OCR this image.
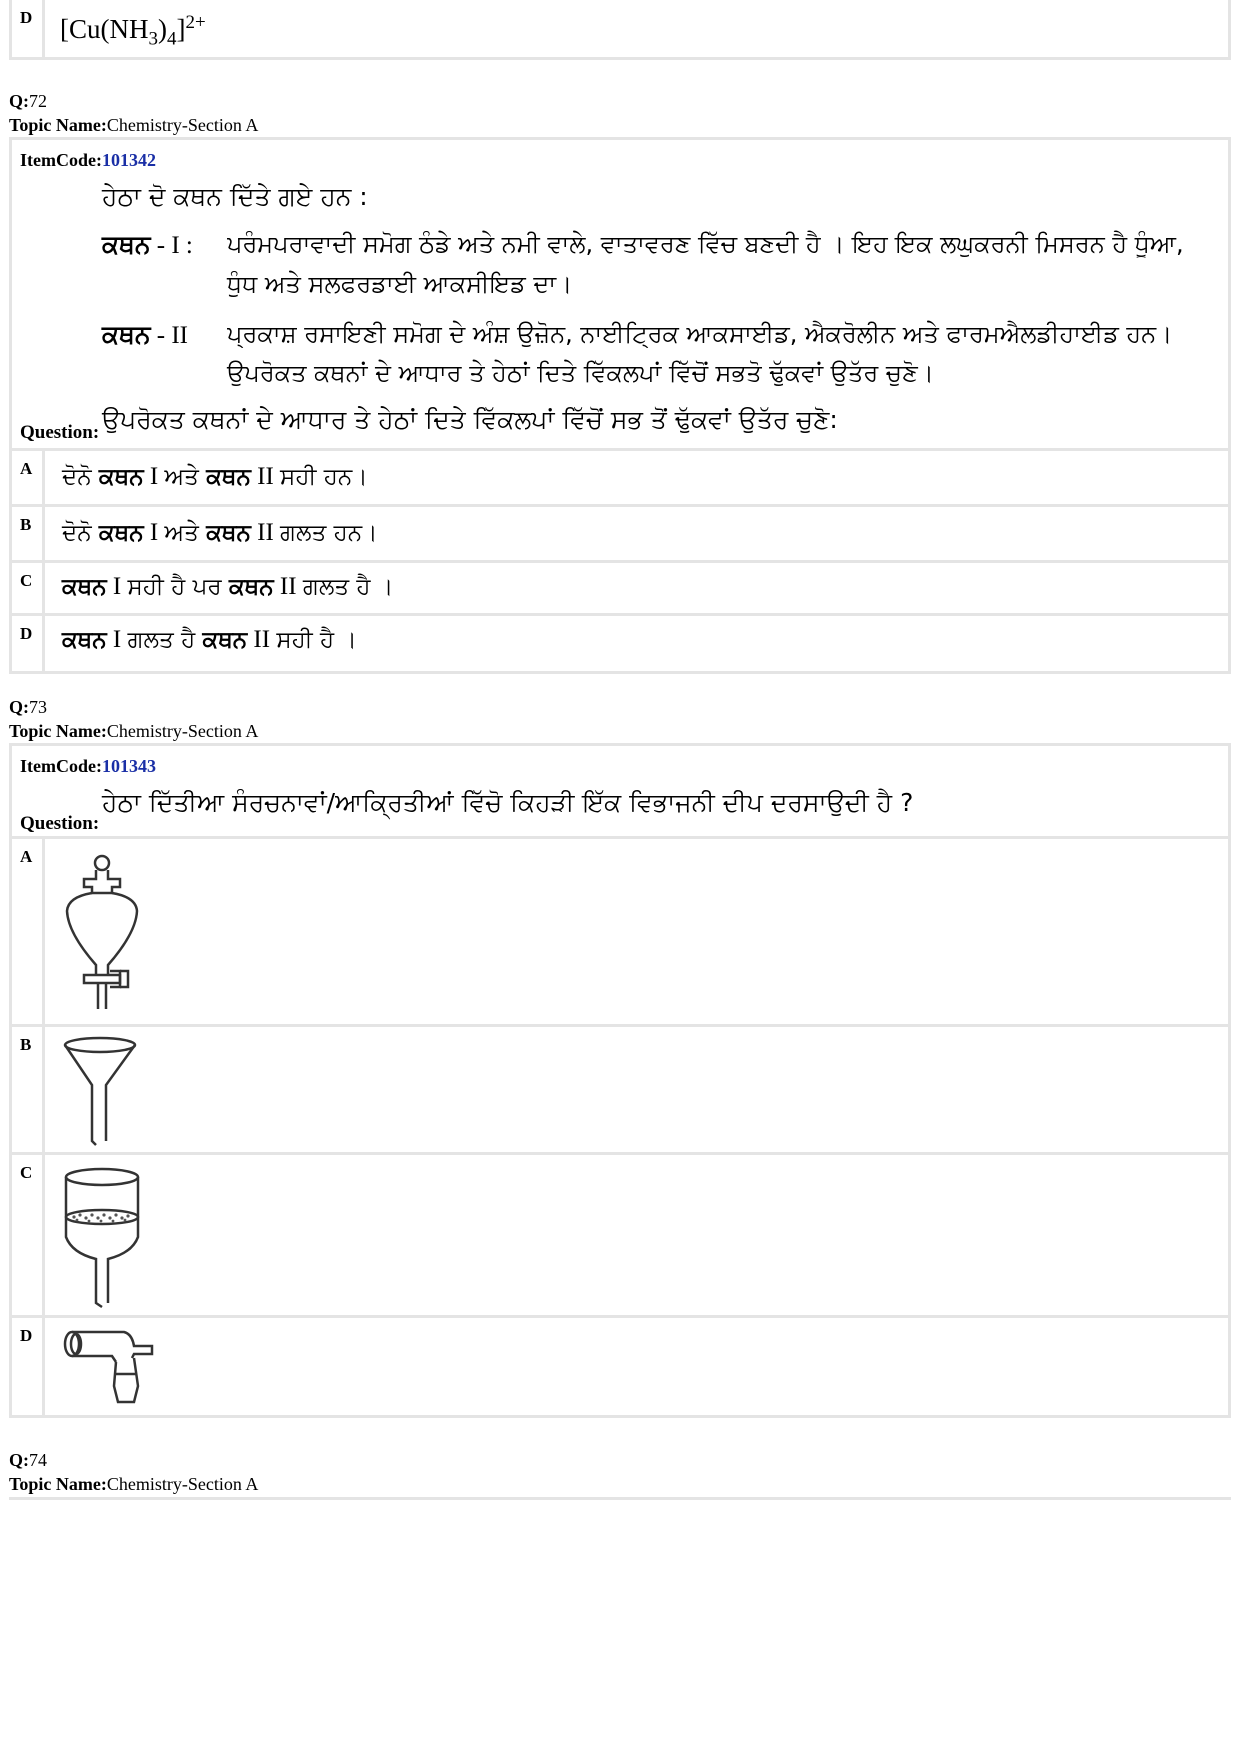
D $[Cu(NH_3)_4]^{2+}$
Q:72
Topic Name:Chemistry-Section A
ItemCode:101342
ਹੇਠਾ ਦੋ ਕਥਨ ਦਿੱਤੇ ਗਏ ਹਨ :
ਕਥਨ - I : ਪਰੰਮਪਰਾਵਾਦੀ ਸਮੋਗ ਠੰਡੇ ਅਤੇ ਨਮੀ ਵਾਲੇ, ਵਾਤਾਵਰਣ ਵਿੱਚ ਬਣਦੀ ਹੈ । ਇਹ ਇਕ ਲਘੁਕਰਨੀ ਮਿਸਰਨ ਹੈ ਧੂੰਆ,
ਧੁੰਧ ਅਤੇ ਸਲਫਰਡਾਈ ਆਕਸੀਇਡ ਦਾ।
ਕਥਨ - II ਪ੍ਰਕਾਸ਼ ਰਸਾਇਣੀ ਸਮੋਗ ਦੇ ਅੰਸ਼ ਉਜ਼ੋਨ, ਨਾਈਟ੍ਰਿਕ ਆਕਸਾਈਡ, ਐਕਰੋਲੀਨ ਅਤੇ ਫਾਰਮਐਲਡੀਹਾਈਡ ਹਨ।
ਉਪਰੋਕਤ ਕਥਨਾਂ ਦੇ ਆਧਾਰ ਤੇ ਹੇਠਾਂ ਦਿਤੇ ਵਿੱਕਲਪਾਂ ਵਿੱਚੋਂ ਸਭਤੋ ਢੁੱਕਵਾਂ ਉਤੱਰ ਚੁਣੋ।
Question: ਉਪਰੋਕਤ ਕਥਨਾਂ ਦੇ ਆਧਾਰ ਤੇ ਹੇਠਾਂ ਦਿਤੇ ਵਿੱਕਲਪਾਂ ਵਿੱਚੋਂ ਸਭ ਤੋਂ ਢੁੱਕਵਾਂ ਉਤੱਰ ਚੁਣੋ:
A ਦੋਨੋ ਕਥਨ I ਅਤੇ ਕਥਨ II ਸਹੀ ਹਨ।
B ਦੋਨੋ ਕਥਨ I ਅਤੇ ਕਥਨ II ਗਲਤ ਹਨ।
C ਕਥਨ I ਸਹੀ ਹੈ ਪਰ ਕਥਨ II ਗਲਤ ਹੈ ।
D ਕਥਨ I ਗਲਤ ਹੈ ਕਥਨ II ਸਹੀ ਹੈ ।
Q:73
Topic Name:Chemistry-Section A
ItemCode:101343
Question:
ਹੇਠਾ ਦਿੱਤੀਆ ਸੰਰਚਨਾਵਾਂ/ਆਕ੍ਰਿਤੀਆਂ ਵਿੱਚੋ ਕਿਹੜੀ ਇੱਕ ਵਿਭਾਜਨੀ ਦੀਪ ਦਰਸਾਉਦੀ ਹੈ ?
A
B
C
D
Q:74
Topic Name:Chemistry-Section A
